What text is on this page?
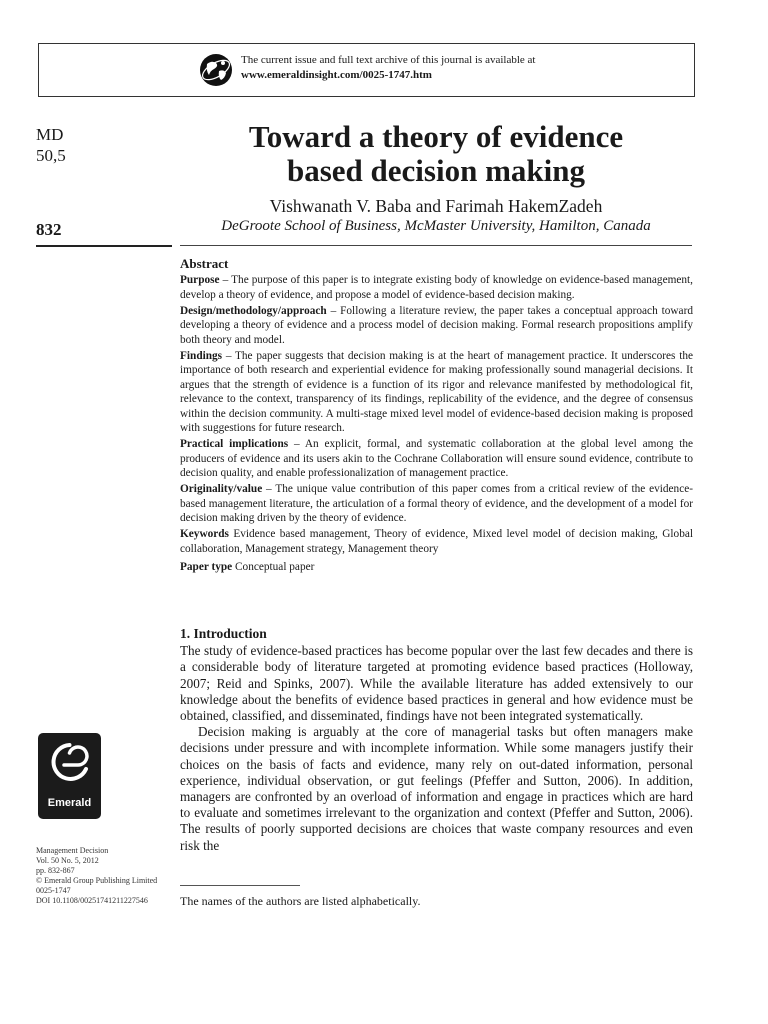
The current issue and full text archive of this journal is available at
www.emeraldinsight.com/0025-1747.htm
MD
50,5
832
Toward a theory of evidence
based decision making
Vishwanath V. Baba and Farimah HakemZadeh
DeGroote School of Business, McMaster University, Hamilton, Canada
Abstract

Purpose – The purpose of this paper is to integrate existing body of knowledge on evidence-based management, develop a theory of evidence, and propose a model of evidence-based decision making.

Design/methodology/approach – Following a literature review, the paper takes a conceptual approach toward developing a theory of evidence and a process model of decision making. Formal research propositions amplify both theory and model.

Findings – The paper suggests that decision making is at the heart of management practice. It underscores the importance of both research and experiential evidence for making professionally sound managerial decisions. It argues that the strength of evidence is a function of its rigor and relevance manifested by methodological fit, relevance to the context, transparency of its findings, replicability of the evidence, and the degree of consensus within the decision community. A multi-stage mixed level model of evidence-based decision making is proposed with suggestions for future research.

Practical implications – An explicit, formal, and systematic collaboration at the global level among the producers of evidence and its users akin to the Cochrane Collaboration will ensure sound evidence, contribute to decision quality, and enable professionalization of management practice.

Originality/value – The unique value contribution of this paper comes from a critical review of the evidence-based management literature, the articulation of a formal theory of evidence, and the development of a model for decision making driven by the theory of evidence.

Keywords Evidence based management, Theory of evidence, Mixed level model of decision making, Global collaboration, Management strategy, Management theory

Paper type Conceptual paper

1. Introduction

The study of evidence-based practices has become popular over the last few decades and there is a considerable body of literature targeted at promoting evidence based practices (Holloway, 2007; Reid and Spinks, 2007). While the available literature has added extensively to our knowledge about the benefits of evidence based practices in general and how evidence must be obtained, classified, and disseminated, findings have not been integrated systematically.

Decision making is arguably at the core of managerial tasks but often managers make decisions under pressure and with incomplete information. While some managers justify their choices on the basis of facts and evidence, many rely on out-dated information, personal experience, individual observation, or gut feelings (Pfeffer and Sutton, 2006). In addition, managers are confronted by an overload of information and engage in practices which are hard to evaluate and sometimes irrelevant to the organization and context (Pfeffer and Sutton, 2006). The results of poorly supported decisions are choices that waste company resources and even risk the

The names of the authors are listed alphabetically.
Emerald
Management Decision
Vol. 50 No. 5, 2012
pp. 832-867
© Emerald Group Publishing Limited
0025-1747
DOI 10.1108/00251741211227546
